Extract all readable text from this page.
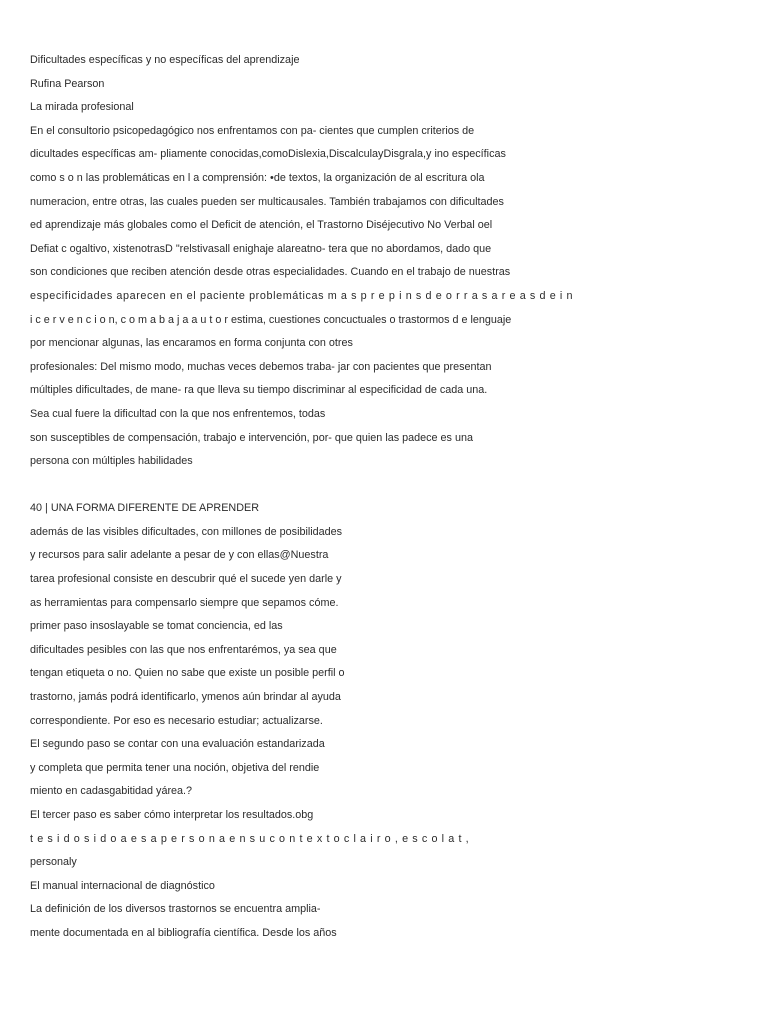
Dificultades específicas y no específicas del aprendizaje
Rufina Pearson
La mirada profesional
En el consultorio psicopedagógico nos enfrentamos con pa- cientes que cumplen criterios de
dicultades específicas am- pliamente conocidas,comoDislexia,DiscalculayDisgrala,y ino específicas
como s o n las problemáticas en l a comprensión: •de textos, la organización de al escritura ola
numeracion, entre otras, las cuales pueden ser multicausales. También trabajamos con dificultades
ed aprendizaje más globales como el Deficit de atención, el Trastorno Diséjecutivo No Verbal oel
Defiat c ogaltivo, xistenotrasD "relstivasall enighaje alareatno- tera que no abordamos, dado que
son condiciones que reciben atención desde otras especialidades. Cuando en el trabajo de nuestras
especificidades aparecen en el paciente problemáticas m a s p r e p i n s d e o r r a s a r e a s d e i n
i c e r v e n c i o n, c o m a b a j a a u t o r estima, cuestiones concuctuales o trastormos d e lenguaje
por mencionar algunas, las encaramos en forma conjunta con otres
profesionales: Del mismo modo, muchas veces debemos traba- jar con pacientes que presentan
múltiples dificultades, de mane- ra que lleva su tiempo discriminar al especificidad de cada una.
Sea cual fuere la dificultad con la que nos enfrentemos, todas
son susceptibles de compensación, trabajo e intervención, por- que quien las padece es una
persona con múltiples habilidades
40 | UNA FORMA DIFERENTE DE APRENDER
además de las visibles dificultades, con millones de posibilidades
y recursos para salir adelante a pesar de y con ellas@Nuestra
tarea profesional consiste en descubrir qué el sucede yen darle y
as herramientas para compensarlo siempre que sepamos cóme.
primer paso insoslayable se tomat conciencia, ed las
dificultades pesibles con las que nos enfrentarémos, ya sea que
tengan etiqueta o no. Quien no sabe que existe un posible perfil o
trastorno, jamás podrá identificarlo, ymenos aún brindar al ayuda
correspondiente. Por eso es necesario estudiar; actualizarse.
El segundo paso se contar con una evaluación estandarizada
y completa que permita tener una noción, objetiva del rendie
miento en cadasgabitidad yárea.?
El tercer paso es saber cómo interpretar los resultados.obg
t e s i d o s i d o a e s a p e r s o n a e n s u c o n t e x t o c l a i r o , e s c o l a t ,
personaly
El manual internacional de diagnóstico
La definición de los diversos trastornos se encuentra amplia-
mente documentada en al bibliografía científica. Desde los años
